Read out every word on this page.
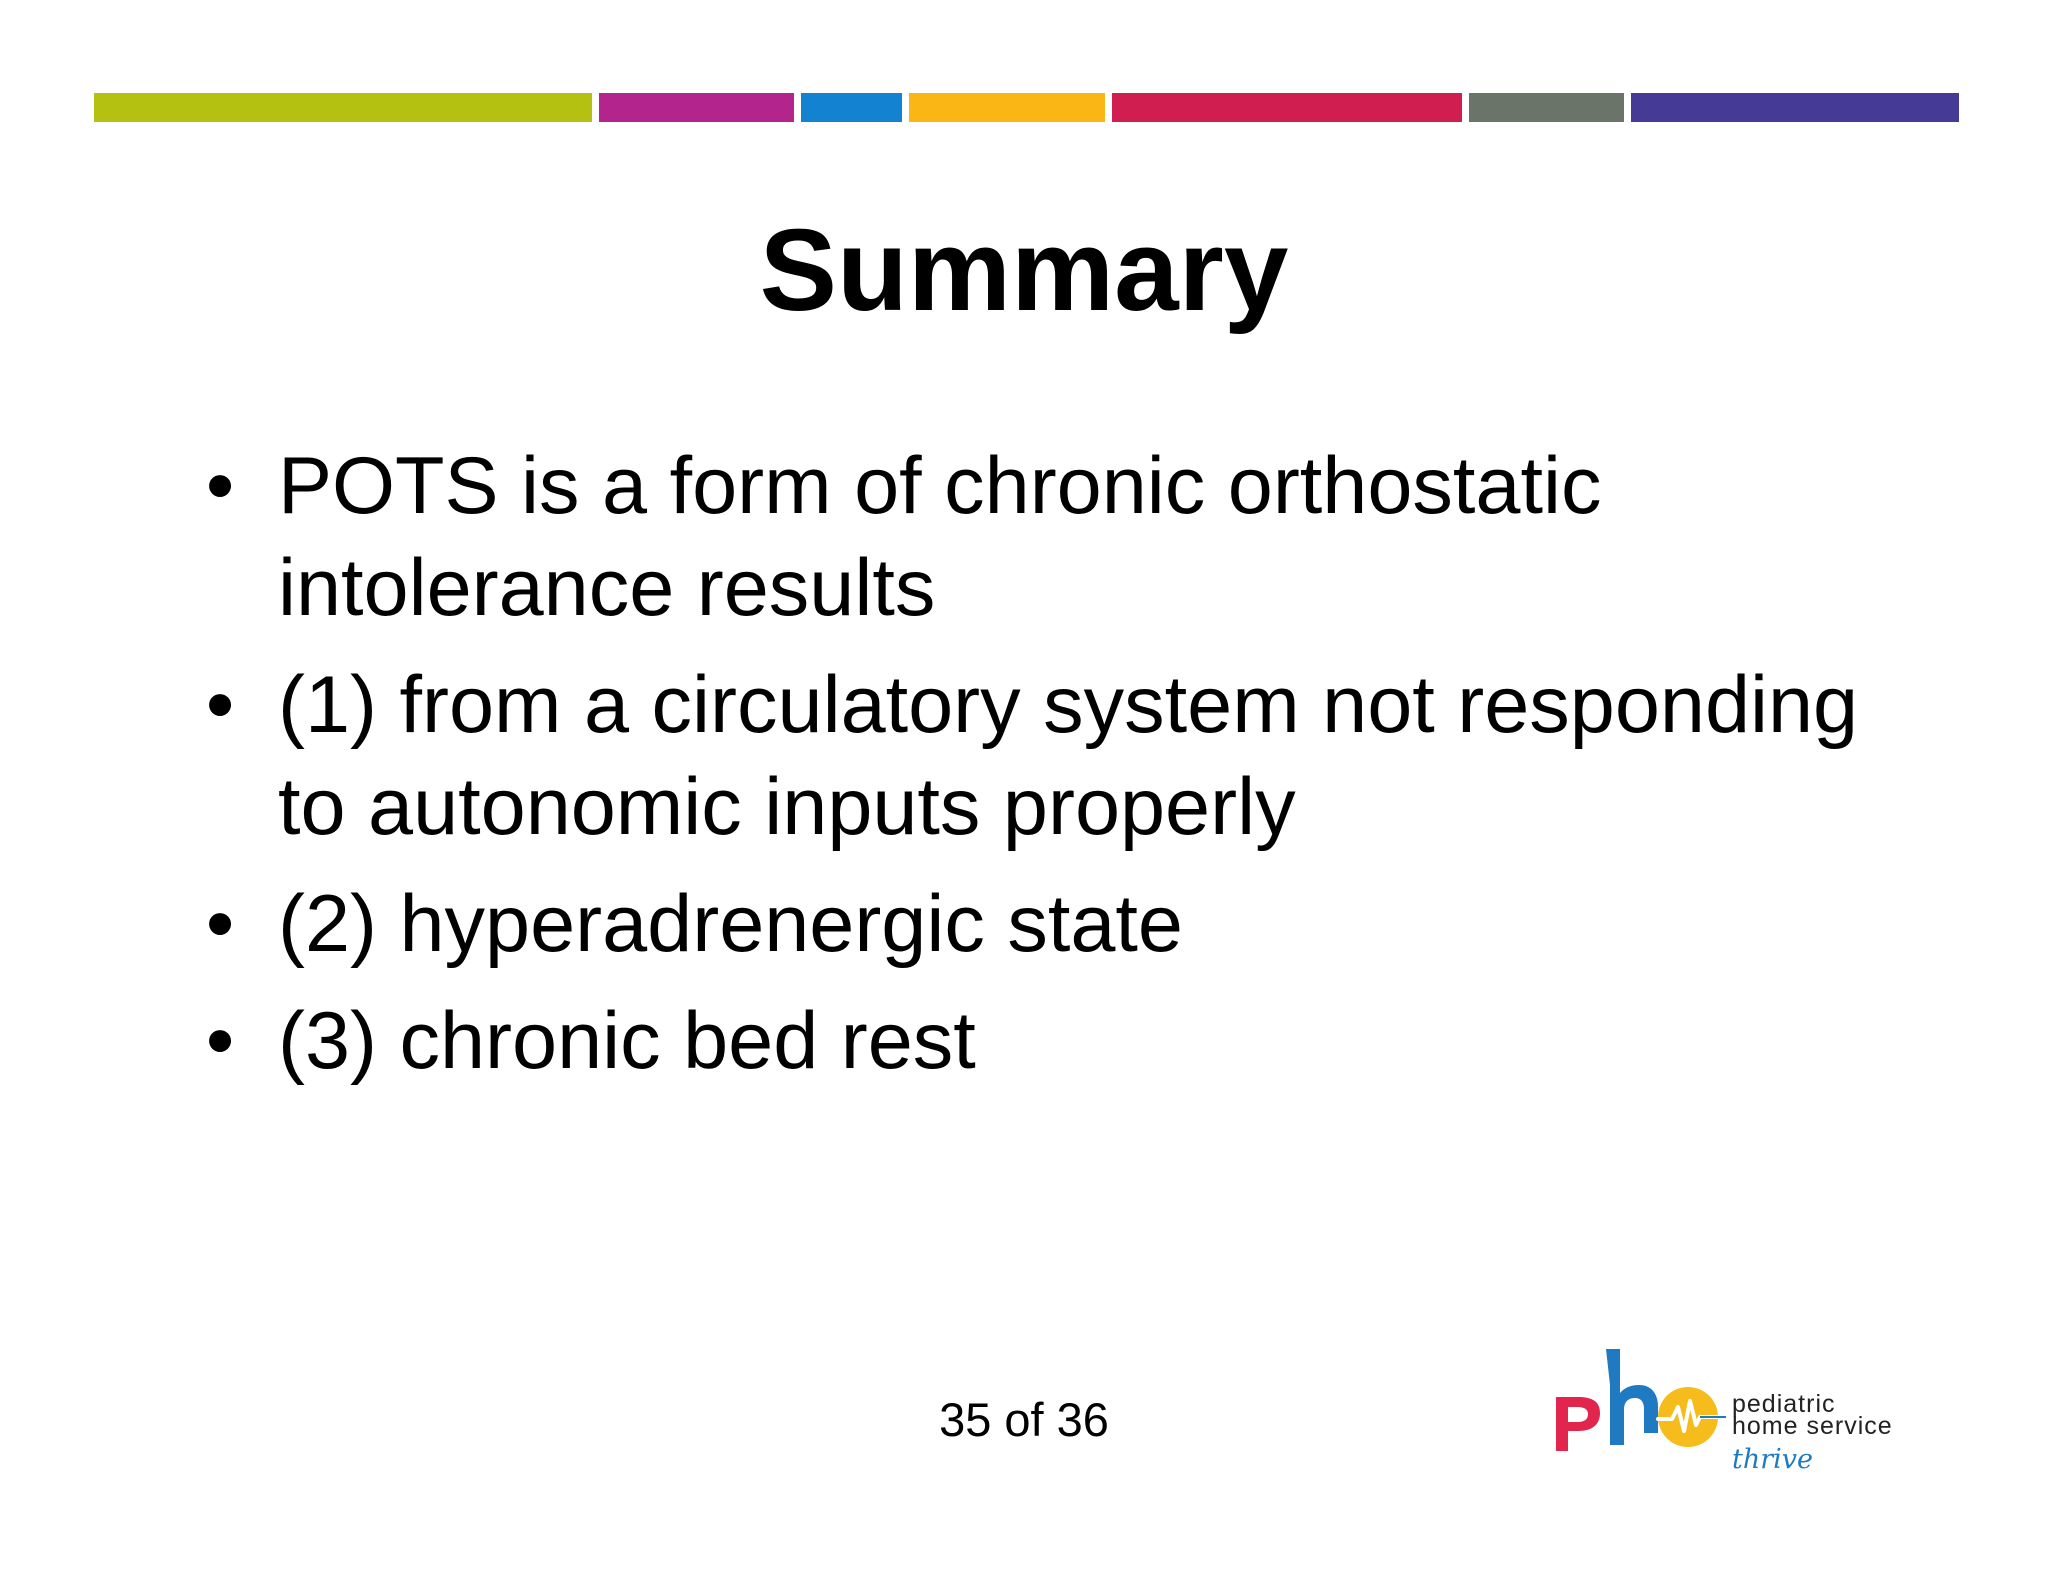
Summary
• POTS is a form of chronic orthostatic intolerance results
• (1) from a circulatory system not responding to autonomic inputs properly
• (2) hyperadrenergic state
• (3) chronic bed rest
35 of 36	pediatric
home service
thrive
